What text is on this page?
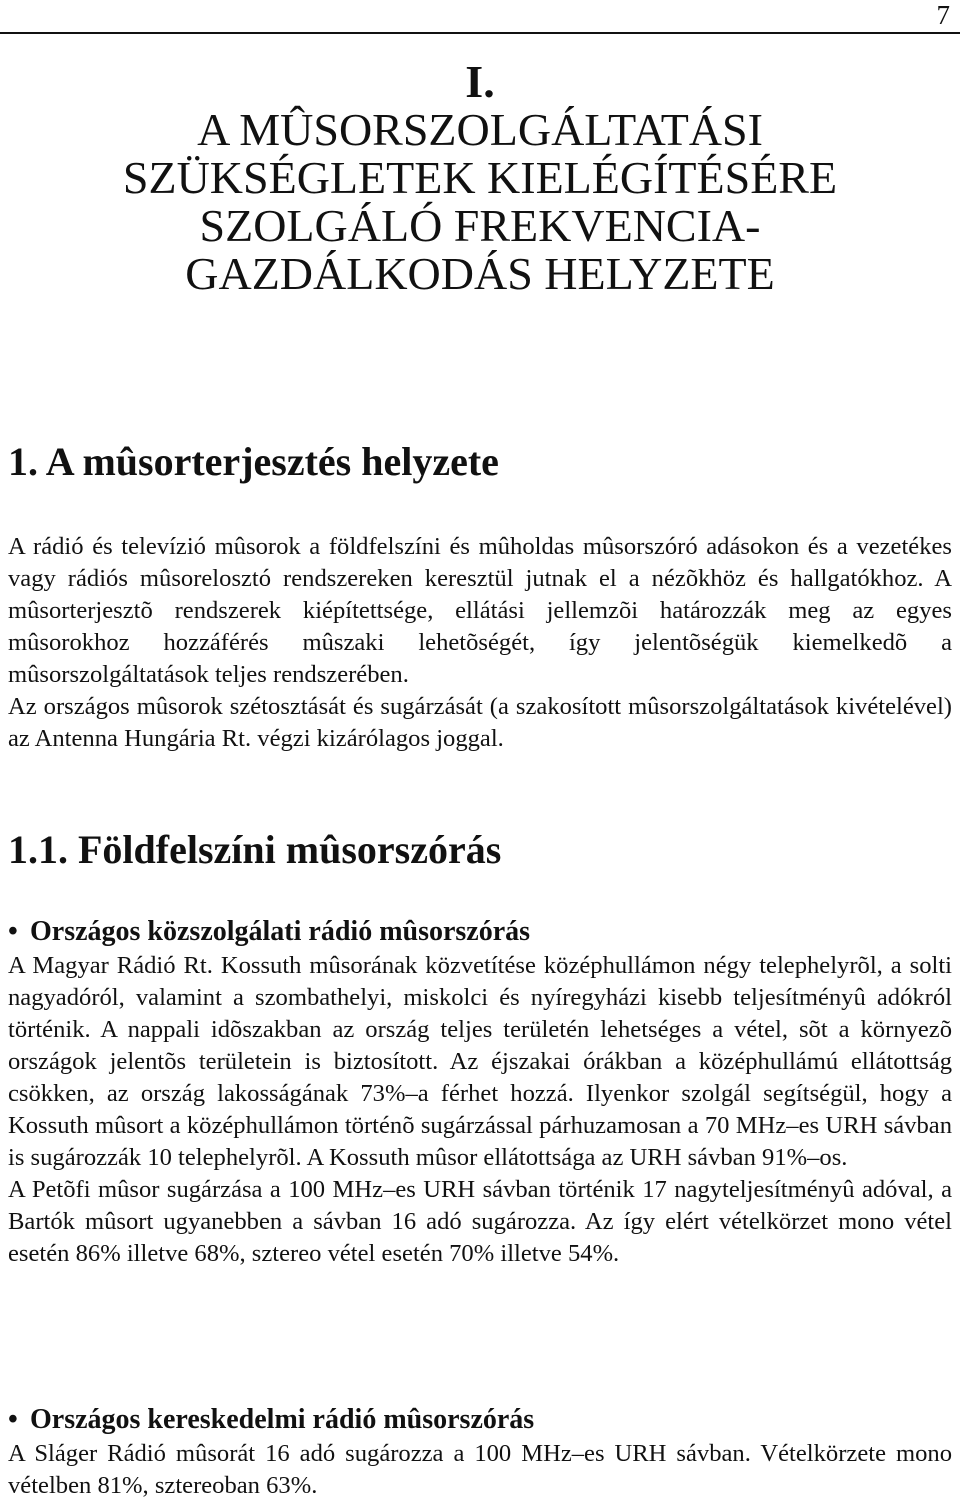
7
I.
A MÛSORSZOLGÁLTATÁSI
SZÜKSÉGLETEK KIELÉGÍTÉSÉRE
SZOLGÁLÓ FREKVENCIA-
GAZDÁLKODÁS HELYZETE
1. A mûsorterjesztés helyzete

A rádió és televízió mûsorok a földfelszíni és mûholdas mûsorszóró adásokon és a vezetékes vagy rádiós mûsorelosztó rendszereken keresztül jutnak el a nézõkhöz és hallgatókhoz. A mûsorterjesztõ rendszerek kiépítettsége, ellátási jellemzõi határozzák meg az egyes mûsorokhoz hozzáférés mûszaki lehetõségét, így jelentõségük kiemelkedõ a mûsorszolgáltatások teljes rendszerében.

Az országos mûsorok szétosztását és sugárzását (a szakosított mûsorszolgáltatások kivételével) az Antenna Hungária Rt. végzi kizárólagos joggal.

1.1. Földfelszíni mûsorszórás
• Országos közszolgálati rádió mûsorszórás

A Magyar Rádió Rt. Kossuth mûsorának közvetítése középhullámon négy telephelyrõl, a solti nagyadóról, valamint a szombathelyi, miskolci és nyíregyházi kisebb teljesítményû adókról történik. A nappali idõszakban az ország teljes területén lehetséges a vétel, sõt a környezõ országok jelentõs területein is biztosított. Az éjszakai órákban a középhullámú ellátottság csökken, az ország lakosságának 73%–a férhet hozzá. Ilyenkor szolgál segítségül, hogy a Kossuth mûsort a középhullámon történõ sugárzással párhuzamosan a 70 MHz–es URH sávban is sugározzák 10 telephelyrõl. A Kossuth mûsor ellátottsága az URH sávban 91%–os.

A Petõfi mûsor sugárzása a 100 MHz–es URH sávban történik 17 nagyteljesítményû adóval, a Bartók mûsort ugyanebben a sávban 16 adó sugározza. Az így elért vételkörzet mono vétel esetén 86% illetve 68%, sztereo vétel esetén 70% illetve 54%.

• Országos kereskedelmi rádió mûsorszórás

A Sláger Rádió mûsorát 16 adó sugározza a 100 MHz–es URH sávban. Vételkörzete mono vételben 81%, sztereoban 63%.
